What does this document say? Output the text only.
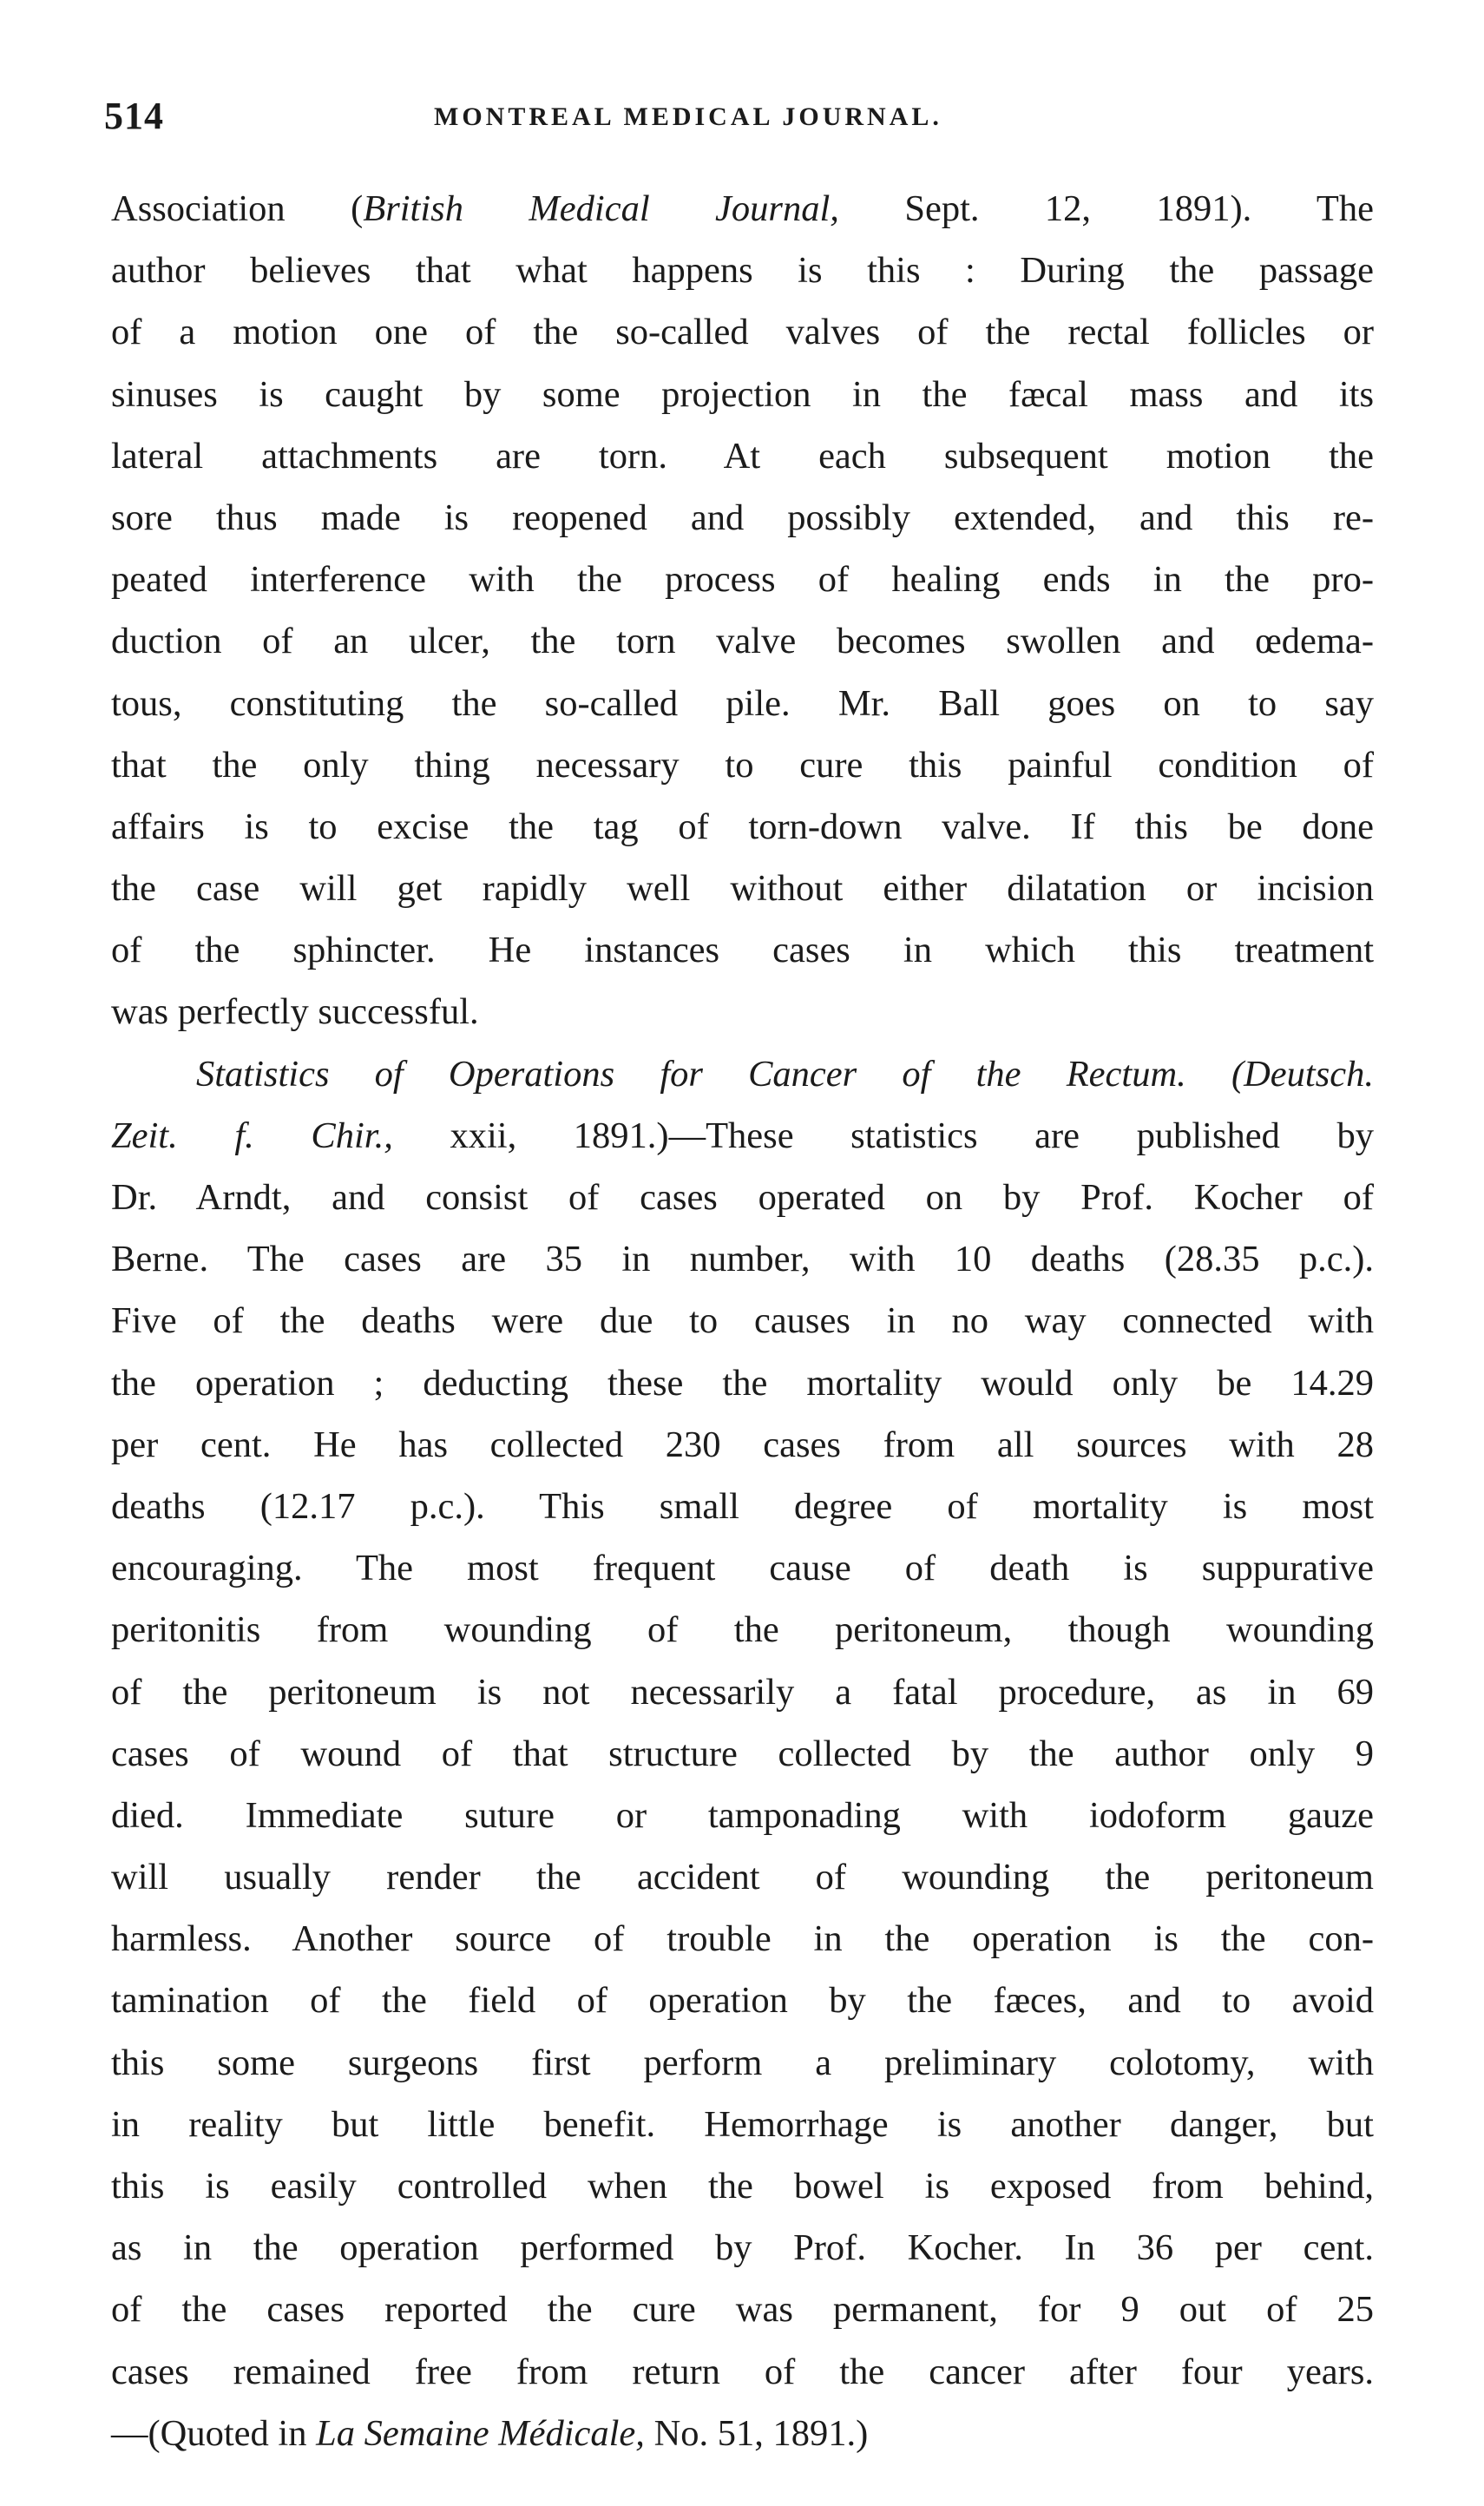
514	MONTREAL MEDICAL JOURNAL.
Association (British Medical Journal, Sept. 12, 1891). The
author believes that what happens is this : During the passage
of a motion one of the so-called valves of the rectal follicles or
sinuses is caught by some projection in the fæcal mass and its
lateral attachments are torn. At each subsequent motion the
sore thus made is reopened and possibly extended, and this re-
peated interference with the process of healing ends in the pro-
duction of an ulcer, the torn valve becomes swollen and œdema-
tous, constituting the so-called pile. Mr. Ball goes on to say
that the only thing necessary to cure this painful condition of
affairs is to excise the tag of torn-down valve. If this be done
the case will get rapidly well without either dilatation or incision
of the sphincter. He instances cases in which this treatment
was perfectly successful.
Statistics of Operations for Cancer of the Rectum. (Deutsch.
Zeit. f. Chir., xxii, 1891.)—These statistics are published by
Dr. Arndt, and consist of cases operated on by Prof. Kocher of
Berne. The cases are 35 in number, with 10 deaths (28.35 p.c.).
Five of the deaths were due to causes in no way connected with
the operation ; deducting these the mortality would only be 14.29
per cent. He has collected 230 cases from all sources with 28
deaths (12.17 p.c.). This small degree of mortality is most
encouraging. The most frequent cause of death is suppurative
peritonitis from wounding of the peritoneum, though wounding
of the peritoneum is not necessarily a fatal procedure, as in 69
cases of wound of that structure collected by the author only 9
died. Immediate suture or tamponading with iodoform gauze
will usually render the accident of wounding the peritoneum
harmless. Another source of trouble in the operation is the con-
tamination of the field of operation by the fæces, and to avoid
this some surgeons first perform a preliminary colotomy, with
in reality but little benefit. Hemorrhage is another danger, but
this is easily controlled when the bowel is exposed from behind,
as in the operation performed by Prof. Kocher. In 36 per cent.
of the cases reported the cure was permanent, for 9 out of 25
cases remained free from return of the cancer after four years.
—(Quoted in La Semaine Médicale, No. 51, 1891.)
